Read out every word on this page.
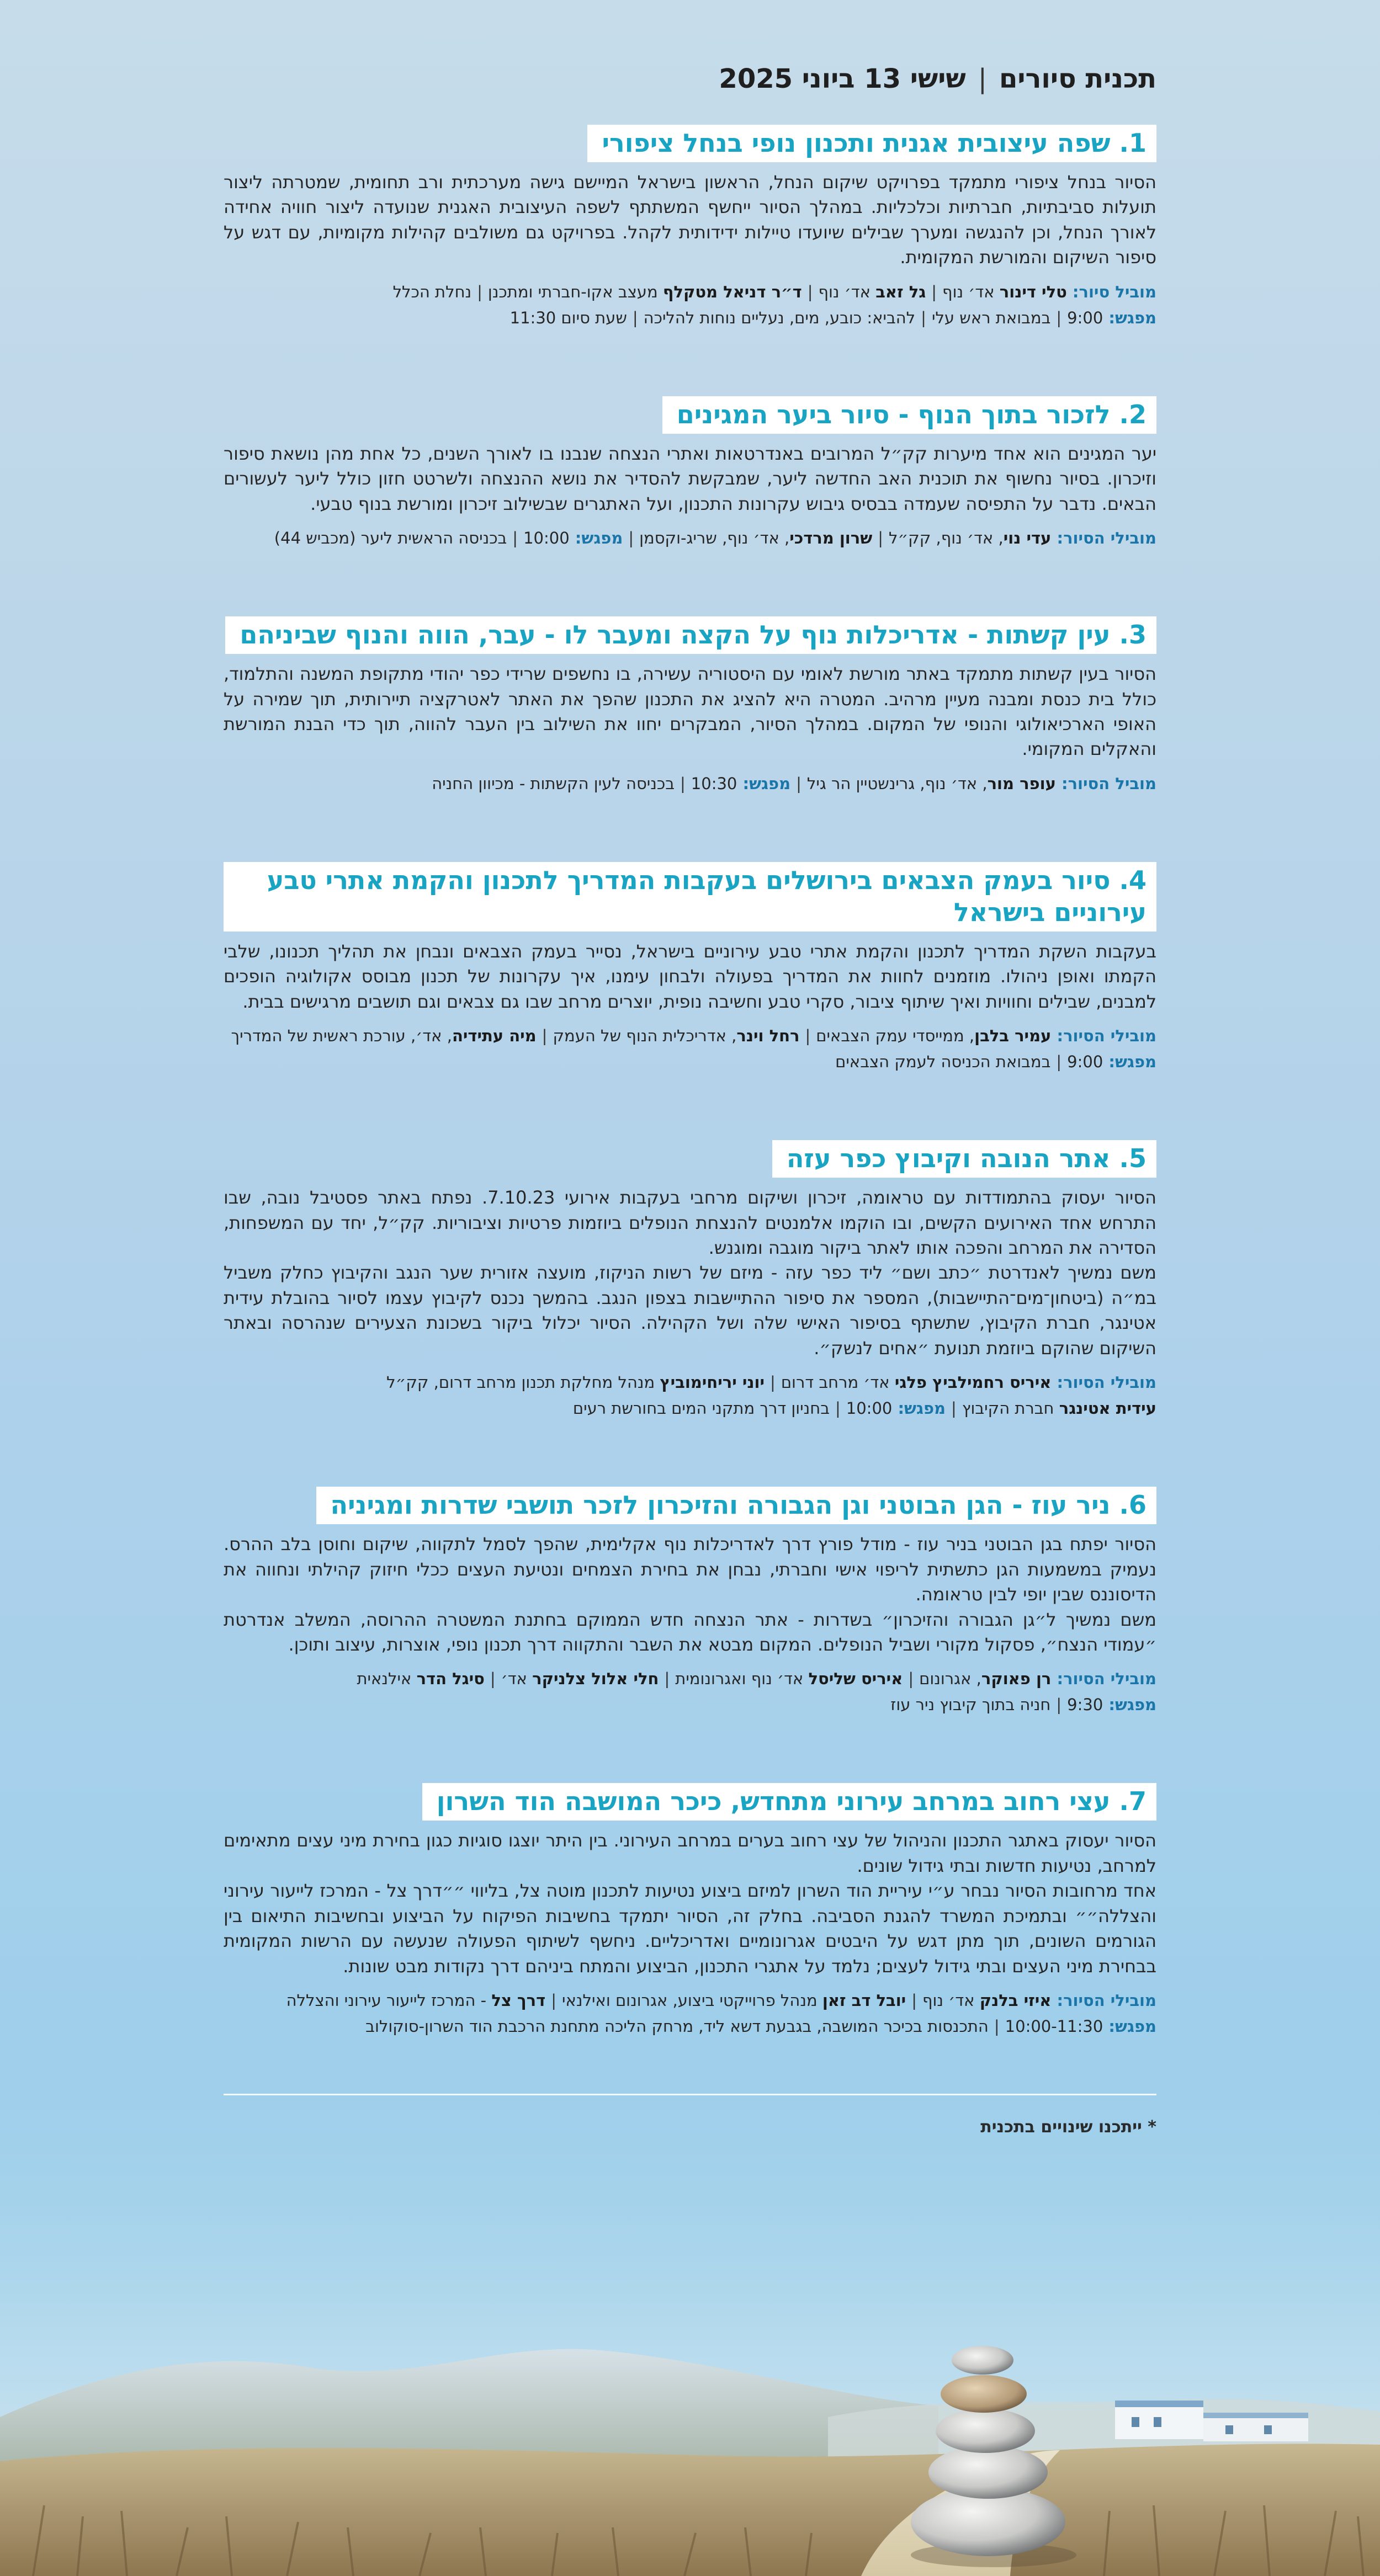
תכנית סיורים
|
שישי 13 ביוני 2025
1. שפה עיצובית אגנית ותכנון נופי בנחל ציפורי

הסיור בנחל ציפורי מתמקד בפרויקט שיקום הנחל, הראשון בישראל המיישם גישה מערכתית ורב תחומית, שמטרתה ליצור תועלות סביבתיות, חברתיות וכלכליות. במהלך הסיור ייחשף המשתתף לשפה העיצובית האגנית שנועדה ליצור חוויה אחידה לאורך הנחל, וכן להנגשה ומערך שבילים שיועדו טיילות ידידותית לקהל. בפרויקט גם משולבים קהילות מקומיות, עם דגש על סיפור השיקום והמורשת המקומית.

מוביל סיור: טלי דינור אד׳ נוף|גל זאב אד׳ נוף|ד״ר דניאל מטקלף מעצב אקו-חברתי ומתכנן|נחלת הכלל
מפגש: 9:00|במבואת ראש עלי|להביא: כובע, מים, נעליים נוחות להליכה|שעת סיום 11:30
2. לזכור בתוך הנוף - סיור ביער המגינים

יער המגינים הוא אחד מיערות קק״ל המרובים באנדרטאות ואתרי הנצחה שנבנו בו לאורך השנים, כל אחת מהן נושאת סיפור וזיכרון. בסיור נחשוף את תוכנית האב החדשה ליער, שמבקשת להסדיר את נושא ההנצחה ולשרטט חזון כולל ליער לעשורים הבאים. נדבר על התפיסה שעמדה בבסיס גיבוש עקרונות התכנון, ועל האתגרים שבשילוב זיכרון ומורשת בנוף טבעי.

מובילי הסיור: עדי נוי, אד׳ נוף, קק״ל|שרון מרדכי, אד׳ נוף, שריג-וקסמן|מפגש: 10:00|בכניסה הראשית ליער (מכביש 44)
3. עין קשתות - אדריכלות נוף על הקצה ומעבר לו - עבר, הווה והנוף שביניהם

הסיור בעין קשתות מתמקד באתר מורשת לאומי עם היסטוריה עשירה, בו נחשפים שרידי כפר יהודי מתקופת המשנה והתלמוד, כולל בית כנסת ומבנה מעיין מרהיב. המטרה היא להציג את התכנון שהפך את האתר לאטרקציה תיירותית, תוך שמירה על האופי הארכיאולוגי והנופי של המקום. במהלך הסיור, המבקרים יחוו את השילוב בין העבר להווה, תוך כדי הבנת המורשת והאקלים המקומי.

מוביל הסיור: עופר מור, אד׳ נוף, גרינשטיין הר גיל|מפגש: 10:30|בכניסה לעין הקשתות - מכיוון החניה
4. סיור בעמק הצבאים בירושלים בעקבות המדריך לתכנון והקמת אתרי טבע עירוניים בישראל

בעקבות השקת המדריך לתכנון והקמת אתרי טבע עירוניים בישראל, נסייר בעמק הצבאים ונבחן את תהליך תכנונו, שלבי הקמתו ואופן ניהולו. מוזמנים לחוות את המדריך בפעולה ולבחון עימנו, איך עקרונות של תכנון מבוסס אקולוגיה הופכים למבנים, שבילים וחוויות ואיך שיתוף ציבור, סקרי טבע וחשיבה נופית, יוצרים מרחב שבו גם צבאים וגם תושבים מרגישים בבית.

מובילי הסיור: עמיר בלבן, ממייסדי עמק הצבאים|רחל וינר, אדריכלית הנוף של העמק|מיה עתידיה, אד׳, עורכת ראשית של המדריך
מפגש: 9:00|במבואת הכניסה לעמק הצבאים
5. אתר הנובה וקיבוץ כפר עזה

הסיור יעסוק בהתמודדות עם טראומה, זיכרון ושיקום מרחבי בעקבות אירועי 7.10.23. נפתח באתר פסטיבל נובה, שבו התרחש אחד האירועים הקשים, ובו הוקמו אלמנטים להנצחת הנופלים ביוזמות פרטיות וציבוריות. קק״ל, יחד עם המשפחות, הסדירה את המרחב והפכה אותו לאתר ביקור מוגבה ומוגנש.

משם נמשיך לאנדרטת ״כתב ושם״ ליד כפר עזה - מיזם של רשות הניקוז, מועצה אזורית שער הנגב והקיבוץ כחלק משביל במ״ה (ביטחון־מים־התיישבות), המספר את סיפור ההתיישבות בצפון הנגב. בהמשך נכנס לקיבוץ עצמו לסיור בהובלת עידית אטינגר, חברת הקיבוץ, שתשתף בסיפור האישי שלה ושל הקהילה. הסיור יכלול ביקור בשכונת הצעירים שנהרסה ובאתר השיקום שהוקם ביוזמת תנועת ״אחים לנשק״.

מובילי הסיור: איריס רחמילביץ פלגי אד׳ מרחב דרום|יוני יריחימוביץ מנהל מחלקת תכנון מרחב דרום, קק״ל
עידית אטינגר חברת הקיבוץ|מפגש: 10:00|בחניון דרך מתקני המים בחורשת רעים
6. ניר עוז - הגן הבוטני וגן הגבורה והזיכרון לזכר תושבי שדרות ומגיניה

הסיור יפתח בגן הבוטני בניר עוז - מודל פורץ דרך לאדריכלות נוף אקלימית, שהפך לסמל לתקווה, שיקום וחוסן בלב ההרס. נעמיק במשמעות הגן כתשתית לריפוי אישי וחברתי, נבחן את בחירת הצמחים ונטיעת העצים ככלי חיזוק קהילתי ונחווה את הדיסוננס שבין יופי לבין טראומה.

משם נמשיך ל״גן הגבורה והזיכרון״ בשדרות - אתר הנצחה חדש הממוקם בחתנת המשטרה ההרוסה, המשלב אנדרטת ״עמודי הנצח״, פסקול מקורי ושביל הנופלים. המקום מבטא את השבר והתקווה דרך תכנון נופי, אוצרות, עיצוב ותוכן.

מובילי הסיור: רן פאוקר, אגרונום|איריס שליסל אד׳ נוף ואגרונומית|חלי אלול צלניקר אד׳|סיגל הדר אילנאית
מפגש: 9:30|חניה בתוך קיבוץ ניר עוז
7. עצי רחוב במרחב עירוני מתחדש, כיכר המושבה הוד השרון

הסיור יעסוק באתגר התכנון והניהול של עצי רחוב בערים במרחב העירוני. בין היתר יוצגו סוגיות כגון בחירת מיני עצים מתאימים למרחב, נטיעות חדשות ובתי גידול שונים.

אחד מרחובות הסיור נבחר ע״י עיריית הוד השרון למיזם ביצוע נטיעות לתכנון מוטה צל, בליווי ״״דרך צל - המרכז לייעור עירוני והצללה״״ ובתמיכת המשרד להגנת הסביבה. בחלק זה, הסיור יתמקד בחשיבות הפיקוח על הביצוע ובחשיבות התיאום בין הגורמים השונים, תוך מתן דגש על היבטים אגרונומיים ואדריכליים. ניחשף לשיתוף הפעולה שנעשה עם הרשות המקומית בבחירת מיני העצים ובתי גידול לעצים; נלמד על אתגרי התכנון, הביצוע והמתח ביניהם דרך נקודות מבט שונות.

מובילי הסיור: איזי בלנק אד׳ נוף|יובל דב זאן מנהל פרוייקטי ביצוע, אגרונום ואילנאי|דרך צל - המרכז לייעור עירוני והצללה
מפגש: 10:00-11:30|התכנסות בכיכר המושבה, בגבעת דשא ליד, מרחק הליכה מתחנת הרכבת הוד השרון-סוקולוב
